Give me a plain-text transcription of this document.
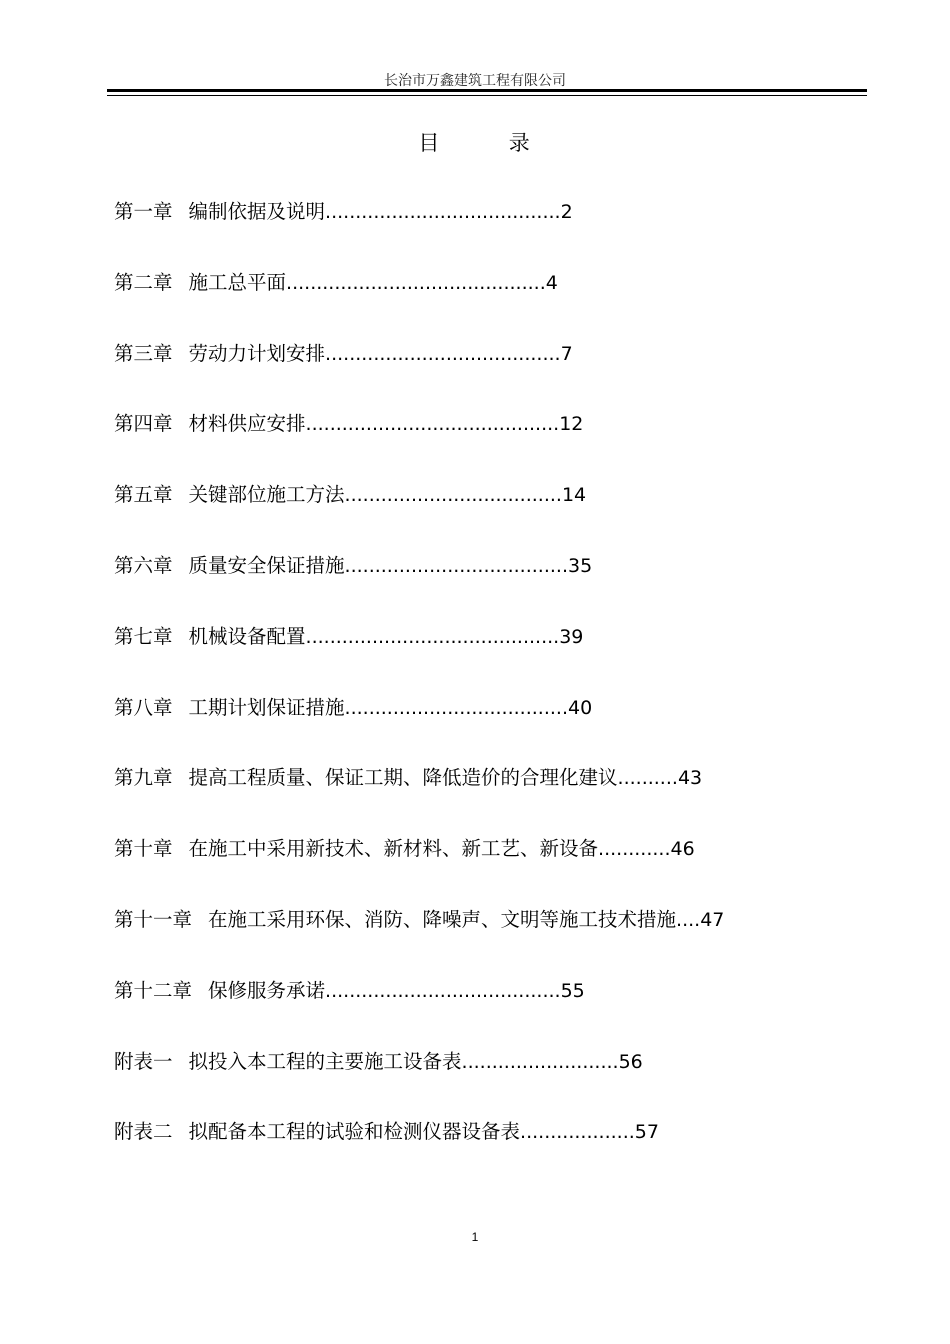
长治市万鑫建筑工程有限公司
目	录
第一章 编制依据及说明 ....................................... 2
第二章 施工总平面 ........................................... 4
第三章 劳动力计划安排 ....................................... 7
第四章 材料供应安排 .......................................... 12
第五章 关键部位施工方法 .................................... 14
第六章 质量安全保证措施 ..................................... 35
第七章 机械设备配置 .......................................... 39
第八章 工期计划保证措施 ..................................... 40
第九章 提高工程质量、保证工期、降低造价的合理化建议 .......... 43
第十章 在施工中采用新技术、新材料、新工艺、新设备 ............ 46
第十一章 在施工采用环保、消防、降噪声、文明等施工技术措施 .... 47
第十二章 保修服务承诺 ....................................... 55
附表一 拟投入本工程的主要施工设备表 .......................... 56
附表二 拟配备本工程的试验和检测仪器设备表 ................... 57
1
